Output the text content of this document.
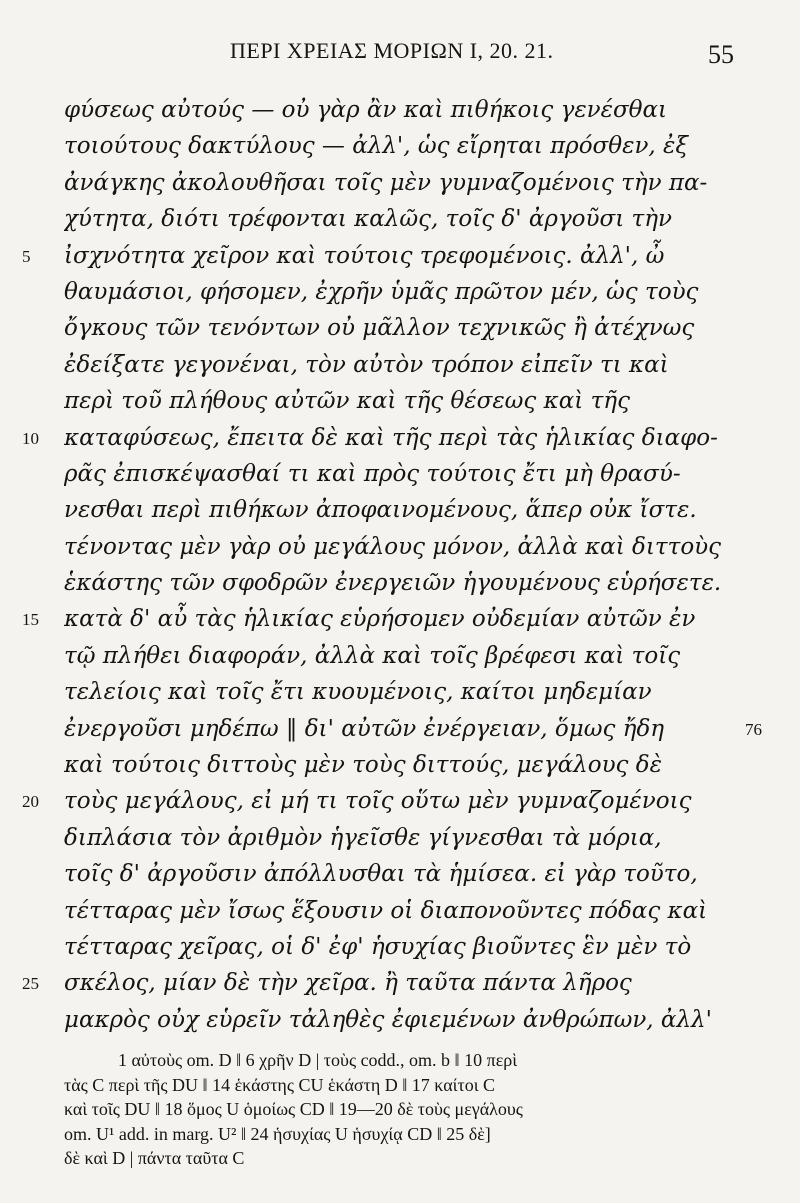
ΠΕΡΙ ΧΡΕΙΑΣ ΜΟΡΙΩΝ Ι, 20. 21.	55
φύσεως αὐτούς — οὐ γὰρ ἂν καὶ πιθήκοις γενέσθαι
τοιούτους δακτύλους — ἀλλ', ὡς εἴρηται πρόσθεν, ἐξ
ἀνάγκης ἀκολουθῆσαι τοῖς μὲν γυμναζομένοις τὴν πα-
χύτητα, διότι τρέφονται καλῶς, τοῖς δ' ἀργοῦσι τὴν
5 ἰσχνότητα χεῖρον καὶ τούτοις τρεφομένοις. ἀλλ', ὦ
θαυμάσιοι, φήσομεν, ἐχρῆν ὑμᾶς πρῶτον μέν, ὡς τοὺς
ὄγκους τῶν τενόντων οὐ μᾶλλον τεχνικῶς ἢ ἀτέχνως
ἐδείξατε γεγονέναι, τὸν αὐτὸν τρόπον εἰπεῖν τι καὶ
περὶ τοῦ πλήθους αὐτῶν καὶ τῆς θέσεως καὶ τῆς
10 καταφύσεως, ἔπειτα δὲ καὶ τῆς περὶ τὰς ἡλικίας διαφο-
ρᾶς ἐπισκέψασθαί τι καὶ πρὸς τούτοις ἔτι μὴ θρασύ-
νεσθαι περὶ πιθήκων ἀποφαινομένους, ἅπερ οὐκ ἴστε.
τένοντας μὲν γὰρ οὐ μεγάλους μόνον, ἀλλὰ καὶ διττοὺς
ἑκάστης τῶν σφοδρῶν ἐνεργειῶν ἡγουμένους εὑρήσετε.
15 κατὰ δ' αὖ τὰς ἡλικίας εὑρήσομεν οὐδεμίαν αὐτῶν ἐν
τῷ πλήθει διαφοράν, ἀλλὰ καὶ τοῖς βρέφεσι καὶ τοῖς
τελείοις καὶ τοῖς ἔτι κυουμένοις, καίτοι μηδεμίαν
ἐνεργοῦσι μηδέπω ‖ δι' αὐτῶν ἐνέργειαν, ὅμως ἤδη	76
καὶ τούτοις διττοὺς μὲν τοὺς διττούς, μεγάλους δὲ
20 τοὺς μεγάλους, εἰ μή τι τοῖς οὕτω μὲν γυμναζομένοις
διπλάσια τὸν ἀριθμὸν ἡγεῖσθε γίγνεσθαι τὰ μόρια,
τοῖς δ' ἀργοῦσιν ἀπόλλυσθαι τὰ ἡμίσεα. εἰ γὰρ τοῦτο,
τέτταρας μὲν ἴσως ἕξουσιν οἱ διαπονοῦντες πόδας καὶ
τέτταρας χεῖρας, οἱ δ' ἐφ' ἡσυχίας βιοῦντες ἓν μὲν τὸ
25 σκέλος, μίαν δὲ τὴν χεῖρα. ἢ ταῦτα πάντα λῆρος
μακρὸς οὐχ εὑρεῖν τἀληθὲς ἐφιεμένων ἀνθρώπων, ἀλλ'
1 αὐτοὺς om. D ‖ 6 χρῆν D | τοὺς codd., om. b ‖ 10 περὶ
τὰς C περὶ τῆς DU ‖ 14 ἑκάστης CU ἑκάστη D ‖ 17 καίτοι C
καὶ τοῖς DU ‖ 18 ὅμος U ὁμοίως CD ‖ 19—20 δὲ τοὺς μεγάλους
om. U¹ add. in marg. U² ‖ 24 ἡσυχίας U ἡσυχίᾳ CD ‖ 25 δὲ]
δὲ καὶ D | πάντα ταῦτα C
